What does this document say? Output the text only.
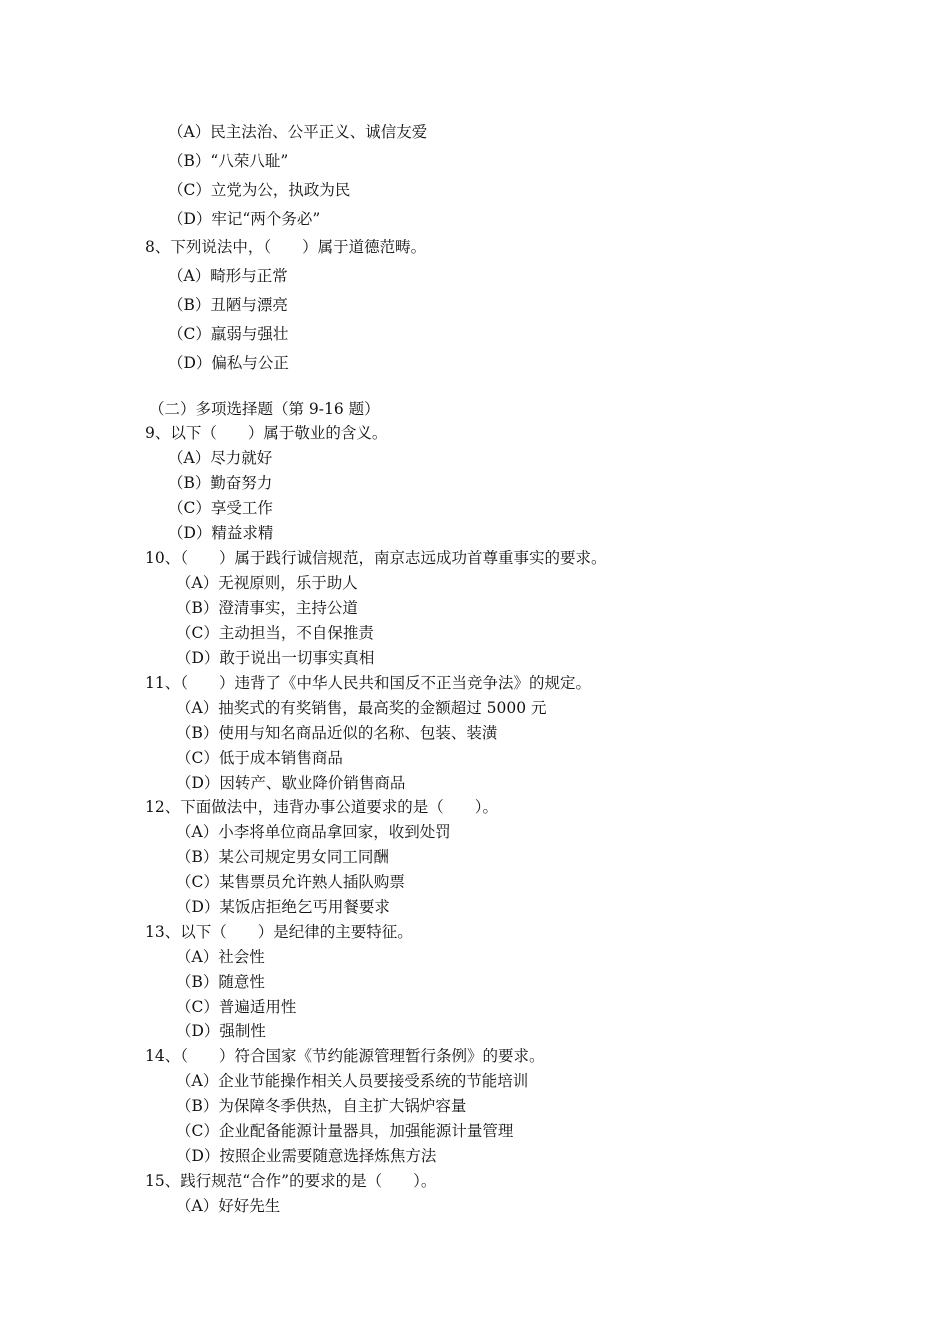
（A）民主法治、公平正义、诚信友爱
（B）“八荣八耻”
（C）立党为公，执政为民
（D）牢记“两个务必”
8、下列说法中，（　　）属于道德范畴。
（A）畸形与正常
（B）丑陋与漂亮
（C）羸弱与强壮
（D）偏私与公正
（二）多项选择题（第 9-16 题）
9、以下（　　）属于敬业的含义。
（A）尽力就好
（B）勤奋努力
（C）享受工作
（D）精益求精
10、（　　）属于践行诚信规范，南京志远成功首尊重事实的要求。
（A）无视原则，乐于助人
（B）澄清事实，主持公道
（C）主动担当，不自保推责
（D）敢于说出一切事实真相
11、（　　）违背了《中华人民共和国反不正当竞争法》的规定。
（A）抽奖式的有奖销售，最高奖的金额超过 5000 元
（B）使用与知名商品近似的名称、包装、装潢
（C）低于成本销售商品
（D）因转产、歇业降价销售商品
12、下面做法中，违背办事公道要求的是（　　）。
（A）小李将单位商品拿回家，收到处罚
（B）某公司规定男女同工同酬
（C）某售票员允许熟人插队购票
（D）某饭店拒绝乞丐用餐要求
13、以下（　　）是纪律的主要特征。
（A）社会性
（B）随意性
（C）普遍适用性
（D）强制性
14、（　　）符合国家《节约能源管理暂行条例》的要求。
（A）企业节能操作相关人员要接受系统的节能培训
（B）为保障冬季供热，自主扩大锅炉容量
（C）企业配备能源计量器具，加强能源计量管理
（D）按照企业需要随意选择炼焦方法
15、践行规范“合作”的要求的是（　　）。
（A）好好先生
